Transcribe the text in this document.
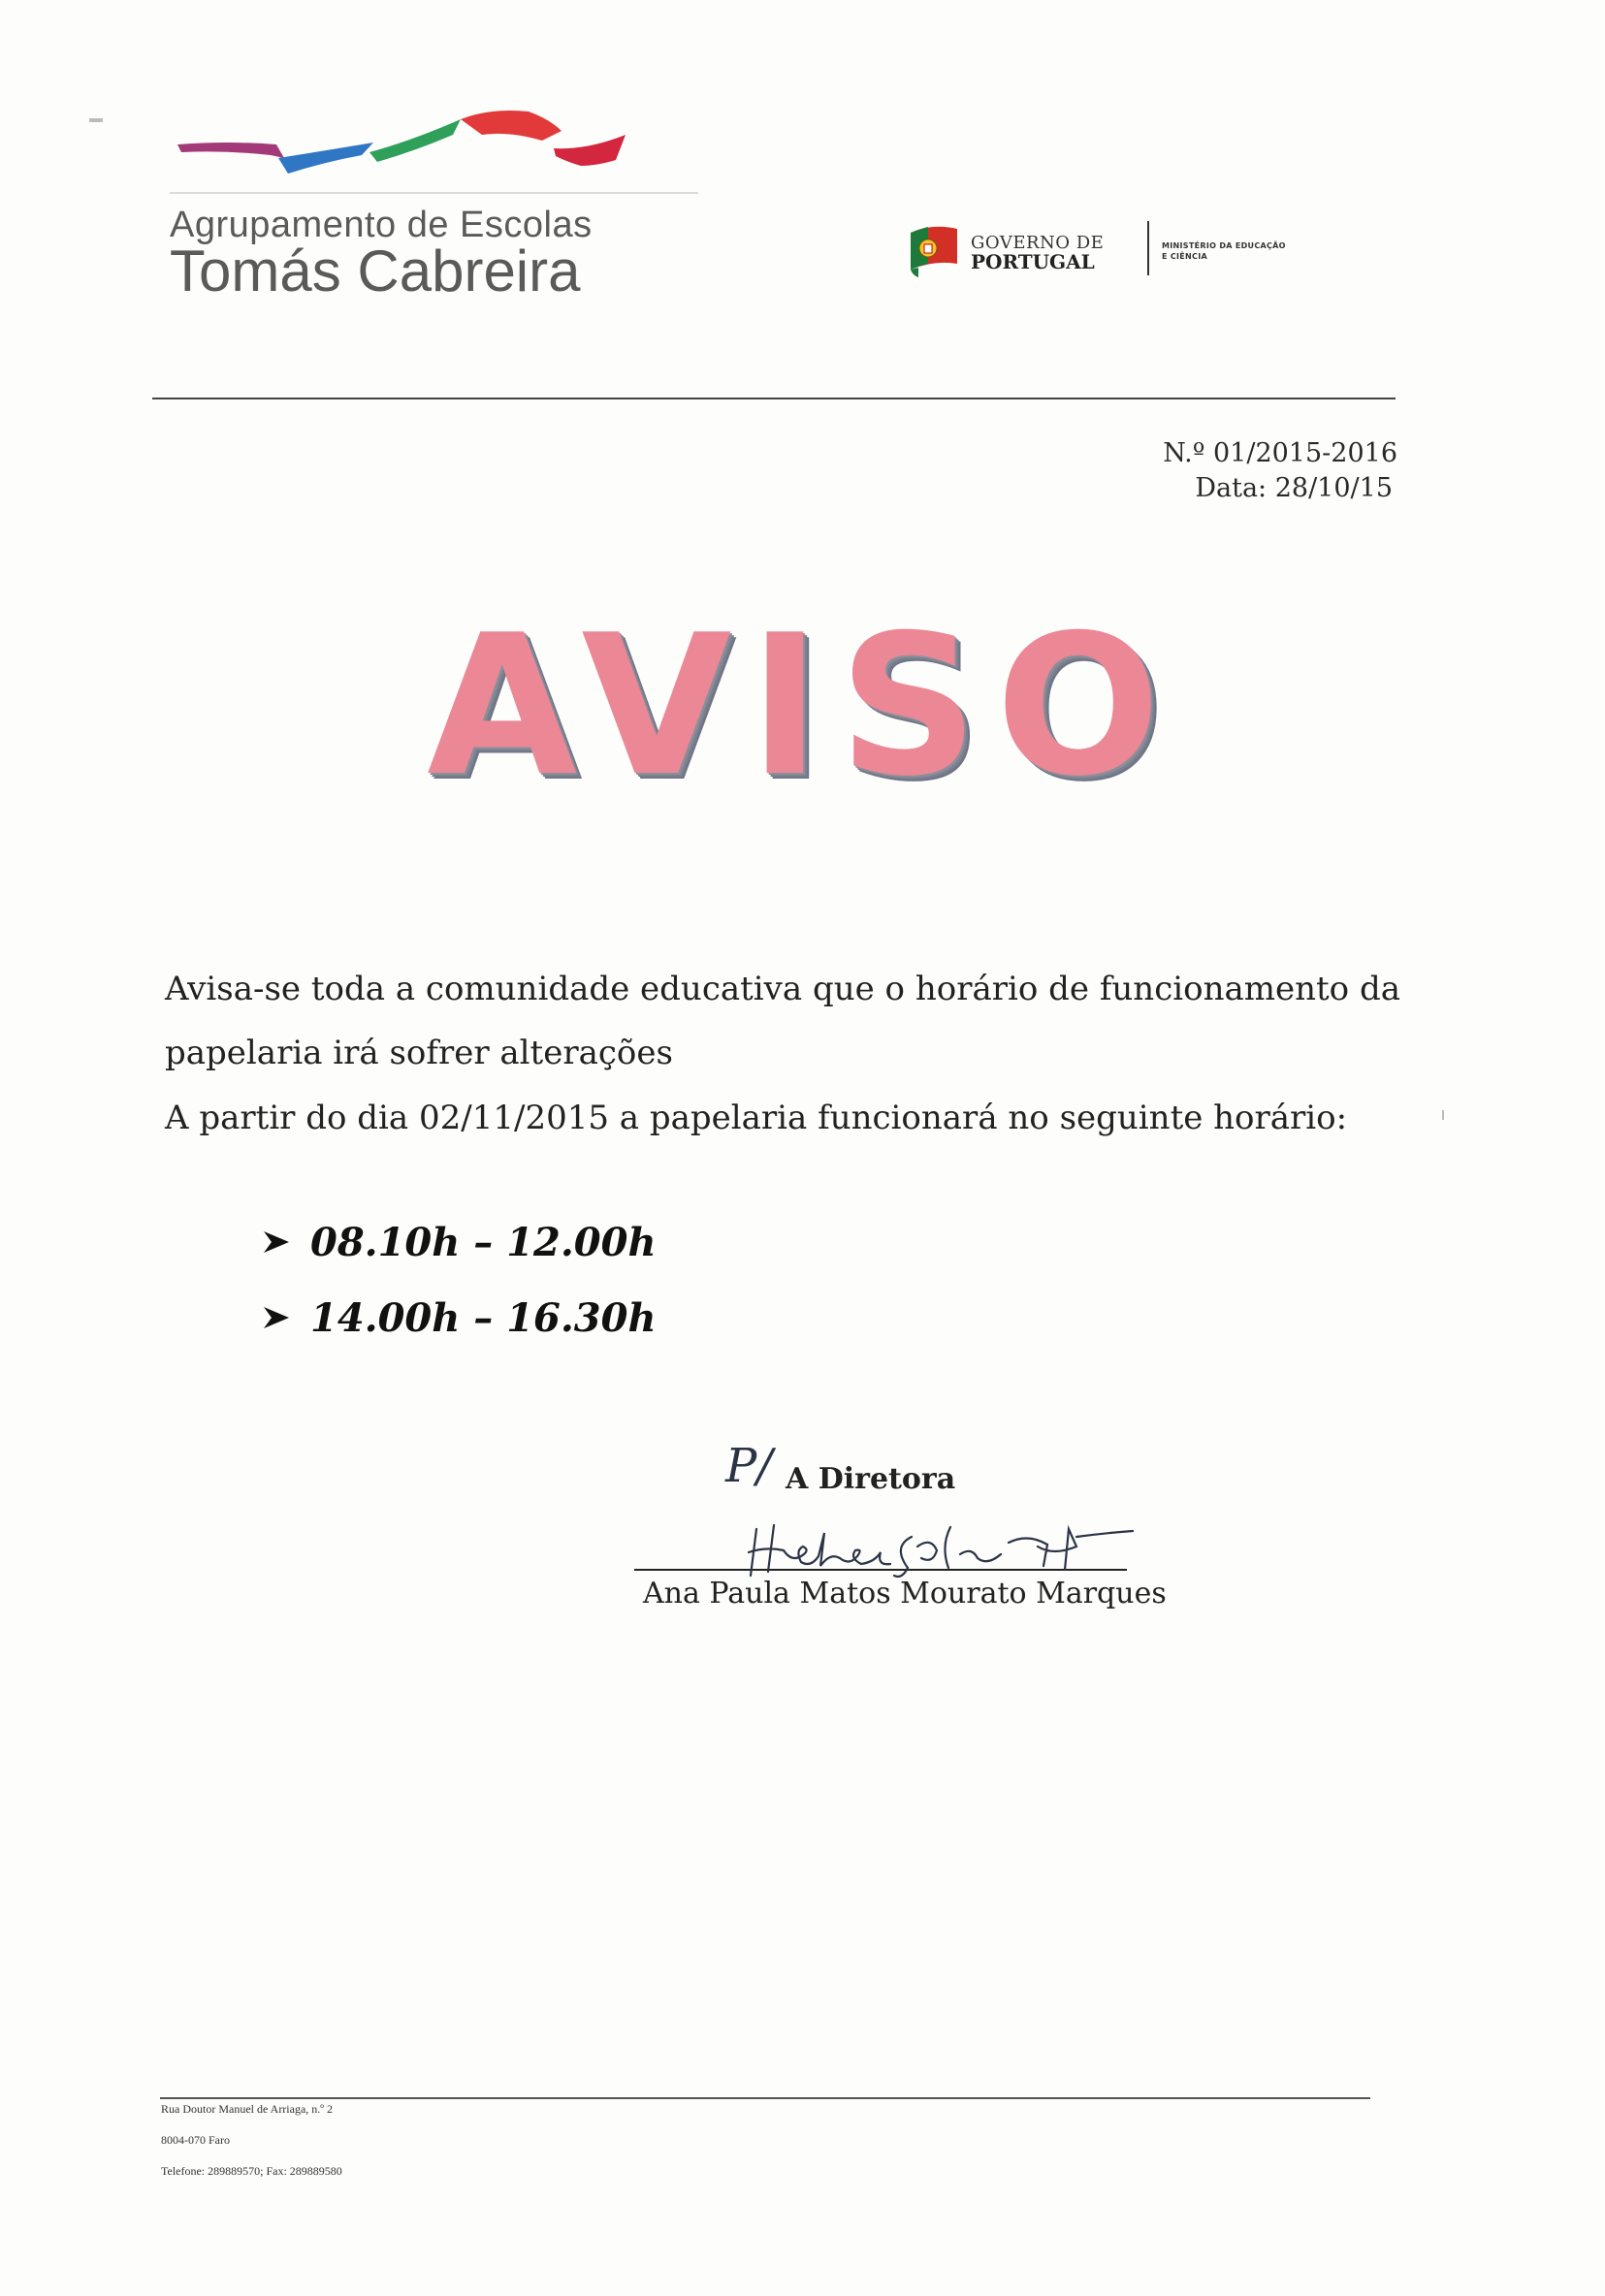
Agrupamento de Escolas
Tomás Cabreira	GOVERNO DE
PORTUGAL
MINISTÉRIO DA EDUCAÇÃO
E CIÊNCIA
N.º 01/2015-2016
Data: 28/10/15
AVISO
Avisa-se toda a comunidade educativa que o horário de funcionamento da
papelaria irá sofrer alterações
A partir do dia 02/11/2015 a papelaria funcionará no seguinte horário:
08.10h – 12.00h
14.00h – 16.30h
P/ A Diretora
Ana Paula Matos Mourato Marques
Rua Doutor Manuel de Arriaga, n.º 2
8004-070 Faro
Telefone: 289889570; Fax: 289889580
